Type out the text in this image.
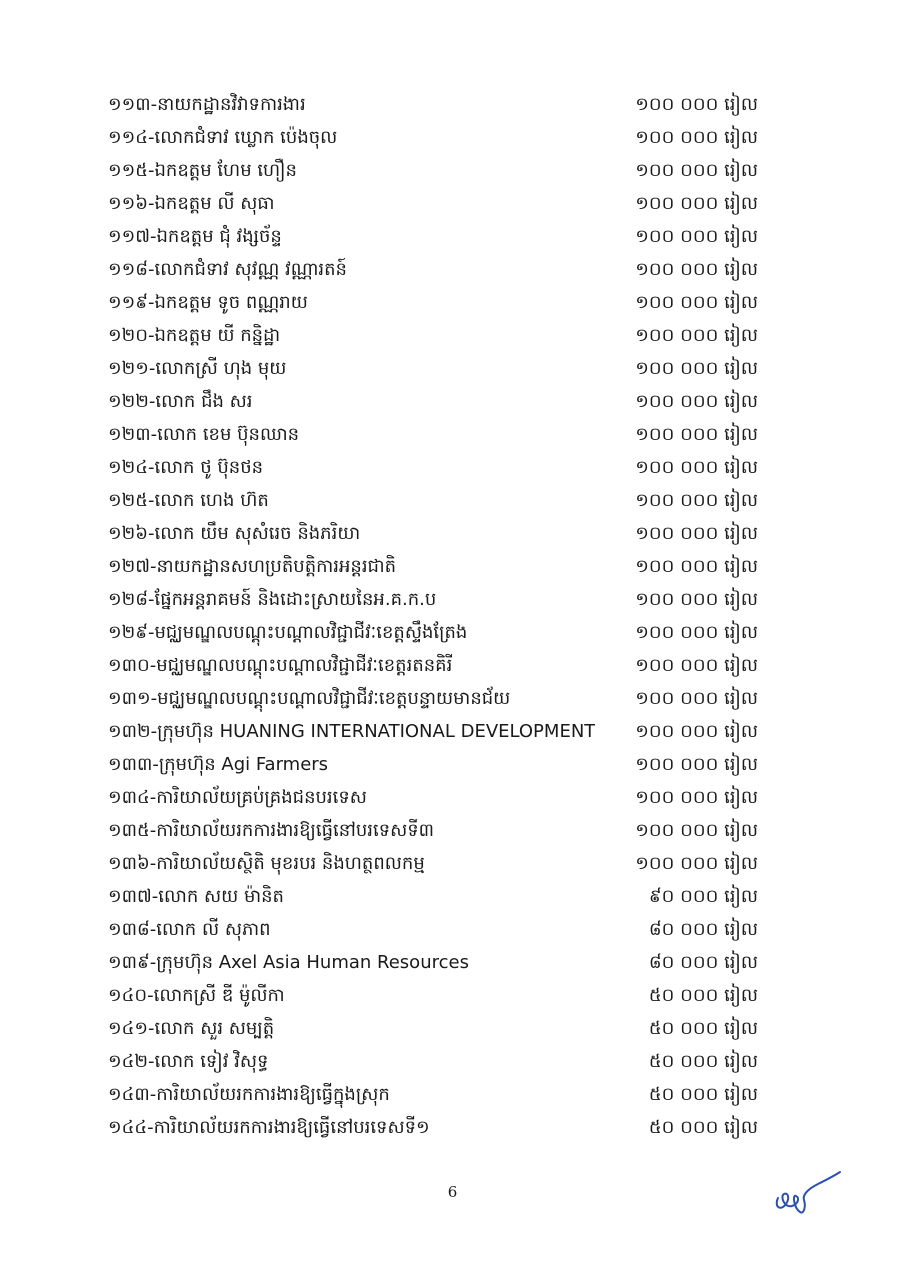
១១៣-នាយកដ្ឋានវិវាទការងារ	១០០ ០០០ រៀល
១១៤-លោកជំទាវ ឃ្លោក ប៉េងចុល	១០០ ០០០ រៀល
១១៥-ឯកឧត្តម ហែម ហឿន	១០០ ០០០ រៀល
១១៦-ឯកឧត្តម លី សុធា	១០០ ០០០ រៀល
១១៧-ឯកឧត្តម ជុំ វង្សច័ន្ទ	១០០ ០០០ រៀល
១១៨-លោកជំទាវ សុវណ្ណ វណ្ណារតន៍	១០០ ០០០ រៀល
១១៩-ឯកឧត្តម ទូច ពណ្ណរាយ	១០០ ០០០ រៀល
១២០-ឯកឧត្តម យី កន្និដ្ឋា	១០០ ០០០ រៀល
១២១-លោកស្រី ហុង មុយ	១០០ ០០០ រៀល
១២២-លោក ជឹង សរ	១០០ ០០០ រៀល
១២៣-លោក ខេម ប៊ុនឈាន	១០០ ០០០ រៀល
១២៤-លោក ថូ ប៊ុនថន	១០០ ០០០ រៀល
១២៥-លោក ហេង ហ៊ត	១០០ ០០០ រៀល
១២៦-លោក យឹម សុសំរេច និងភរិយា	១០០ ០០០ រៀល
១២៧-នាយកដ្ឋានសហប្រតិបត្តិការអន្តរជាតិ	១០០ ០០០ រៀល
១២៨-ផ្នែកអន្តរាគមន៍ និងដោះស្រាយនៃអ.គ.ក.ប	១០០ ០០០ រៀល
១២៩-មជ្ឈមណ្ឌលបណ្តុះបណ្តាលវិជ្ជាជីវៈខេត្តស្ទឹងត្រែង	១០០ ០០០ រៀល
១៣០-មជ្ឈមណ្ឌលបណ្តុះបណ្តាលវិជ្ជាជីវៈខេត្តរតនគិរី	១០០ ០០០ រៀល
១៣១-មជ្ឈមណ្ឌលបណ្តុះបណ្តាលវិជ្ជាជីវៈខេត្តបន្ទាយមានជ័យ	១០០ ០០០ រៀល
១៣២-ក្រុមហ៊ុន HUANING INTERNATIONAL DEVELOPMENT	១០០ ០០០ រៀល
១៣៣-ក្រុមហ៊ុន Agi Farmers	១០០ ០០០ រៀល
១៣៤-ការិយាល័យគ្រប់គ្រងជនបរទេស	១០០ ០០០ រៀល
១៣៥-ការិយាល័យរកការងារឱ្យធ្វើនៅបរទេសទី៣	១០០ ០០០ រៀល
១៣៦-ការិយាល័យស្ថិតិ មុខរបរ និងហត្ថពលកម្ម	១០០ ០០០ រៀល
១៣៧-លោក សយ ម៉ានិត	៩០ ០០០ រៀល
១៣៨-លោក លី សុភាព	៨០ ០០០ រៀល
១៣៩-ក្រុមហ៊ុន Axel Asia Human Resources	៨០ ០០០ រៀល
១៤០-លោកស្រី ឌី ម៉ូលីកា	៥០ ០០០ រៀល
១៤១-លោក សួរ សម្បត្តិ	៥០ ០០០ រៀល
១៤២-លោក ទៀវ វិសុទ្ធ	៥០ ០០០ រៀល
១៤៣-ការិយាល័យរកការងារឱ្យធ្វើក្នុងស្រុក	៥០ ០០០ រៀល
១៤៤-ការិយាល័យរកការងារឱ្យធ្វើនៅបរទេសទី១	៥០ ០០០ រៀល
6
